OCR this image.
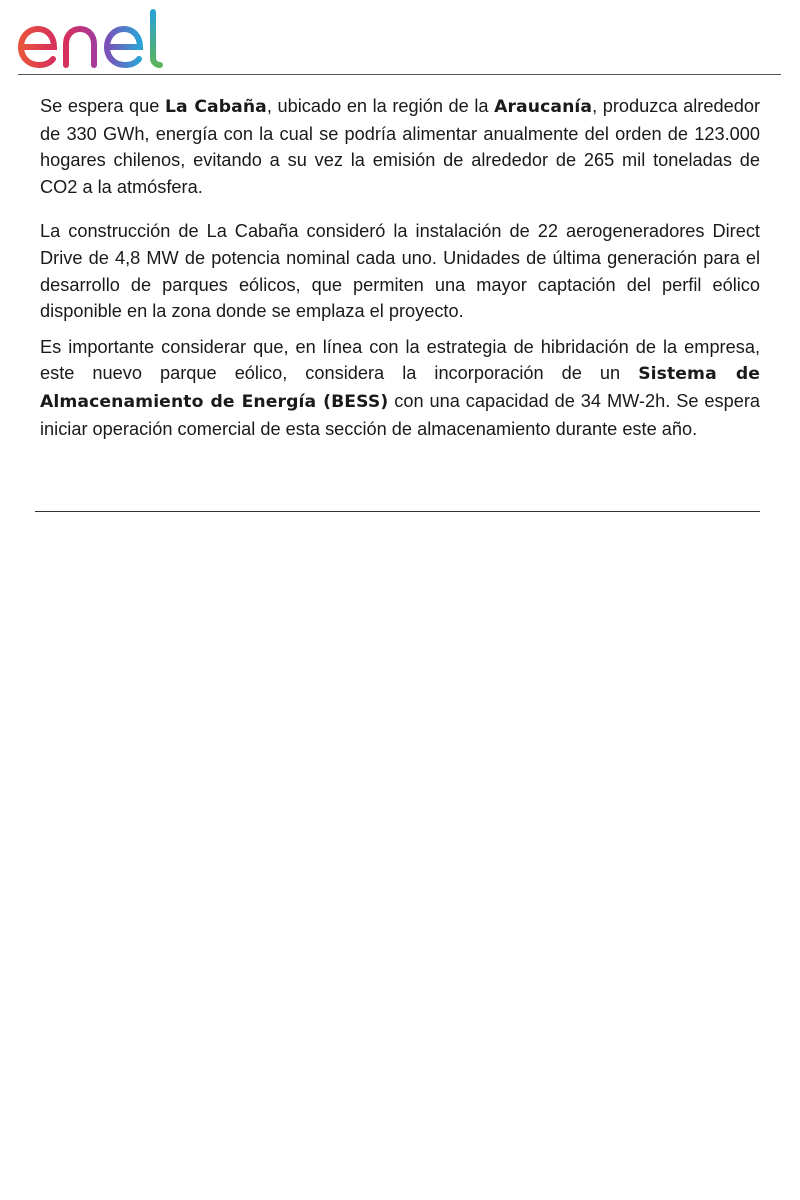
Se espera que La Cabaña, ubicado en la región de la Araucanía, produzca alrededor de 330 GWh, energía con la cual se podría alimentar anualmente del orden de 123.000 hogares chilenos, evitando a su vez la emisión de alrededor de 265 mil toneladas de CO2 a la atmósfera.

La construcción de La Cabaña consideró la instalación de 22 aerogeneradores Direct Drive de 4,8 MW de potencia nominal cada uno. Unidades de última generación para el desarrollo de parques eólicos, que permiten una mayor captación del perfil eólico disponible en la zona donde se emplaza el proyecto.

Es importante considerar que, en línea con la estrategia de hibridación de la empresa, este nuevo parque eólico, considera la incorporación de un Sistema de Almacenamiento de Energía (BESS) con una capacidad de 34 MW-2h. Se espera iniciar operación comercial de esta sección de almacenamiento durante este año.
